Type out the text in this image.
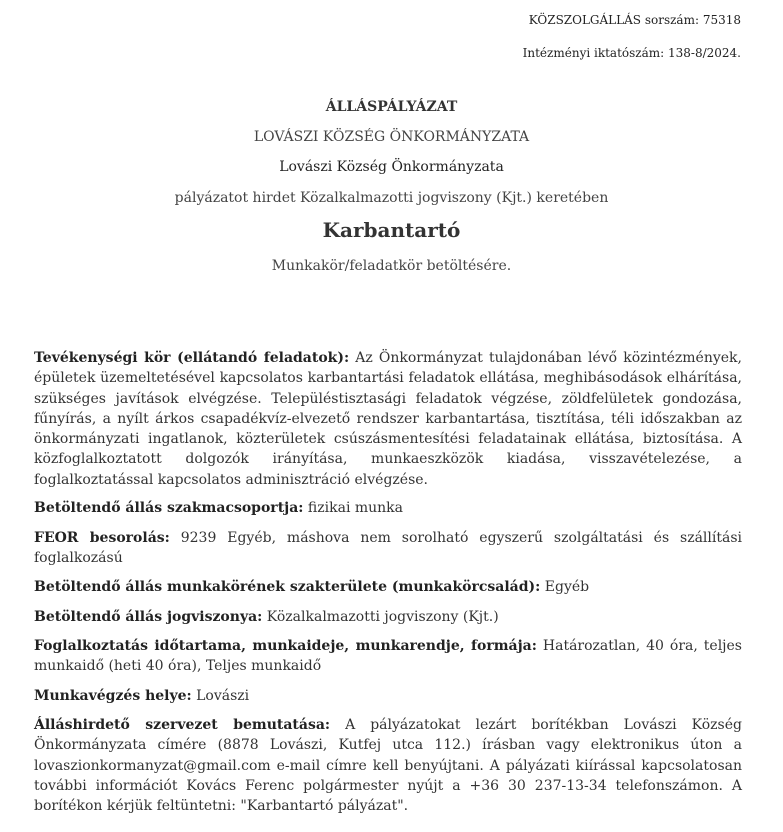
KÖZSZOLGÁLLÁS sorszám: 75318
Intézményi iktatószám: 138-8/2024.
ÁLLÁSPÁLYÁZAT
LOVÁSZI KÖZSÉG ÖNKORMÁNYZATA
Lovászi Község Önkormányzata
pályázatot hirdet Közalkalmazotti jogviszony (Kjt.) keretében
Karbantartó
Munkakör/feladatkör betöltésére.
Tevékenységi kör (ellátandó feladatok): Az Önkormányzat tulajdonában lévő közintézmények, épületek üzemeltetésével kapcsolatos karbantartási feladatok ellátása, meghibásodások elhárítása, szükséges javítások elvégzése. Településtisztasági feladatok végzése, zöldfelületek gondozása, fűnyírás, a nyílt árkos csapadékvíz-elvezető rendszer karbantartása, tisztítása, téli időszakban az önkormányzati ingatlanok, közterületek csúszásmentesítési feladatainak ellátása, biztosítása. A közfoglalkoztatott dolgozók irányítása, munkaeszközök kiadása, visszavételezése, a foglalkoztatással kapcsolatos adminisztráció elvégzése.
Betöltendő állás szakmacsoportja: fizikai munka
FEOR besorolás: 9239 Egyéb, máshova nem sorolható egyszerű szolgáltatási és szállítási foglalkozású
Betöltendő állás munkakörének szakterülete (munkakörcsalád): Egyéb
Betöltendő állás jogviszonya: Közalkalmazotti jogviszony (Kjt.)
Foglalkoztatás időtartama, munkaideje, munkarendje, formája: Határozatlan, 40 óra, teljes munkaidő (heti 40 óra), Teljes munkaidő
Munkavégzés helye: Lovászi
Álláshirdető szervezet bemutatása: A pályázatokat lezárt borítékban Lovászi Község Önkormányzata címére (8878 Lovászi, Kutfej utca 112.) írásban vagy elektronikus úton a lovaszionkormanyzat@gmail.com e-mail címre kell benyújtani. A pályázati kiírással kapcsolatosan további információt Kovács Ferenc polgármester nyújt a +36 30 237-13-34 telefonszámon. A borítékon kérjük feltüntetni: "Karbantartó pályázat".
